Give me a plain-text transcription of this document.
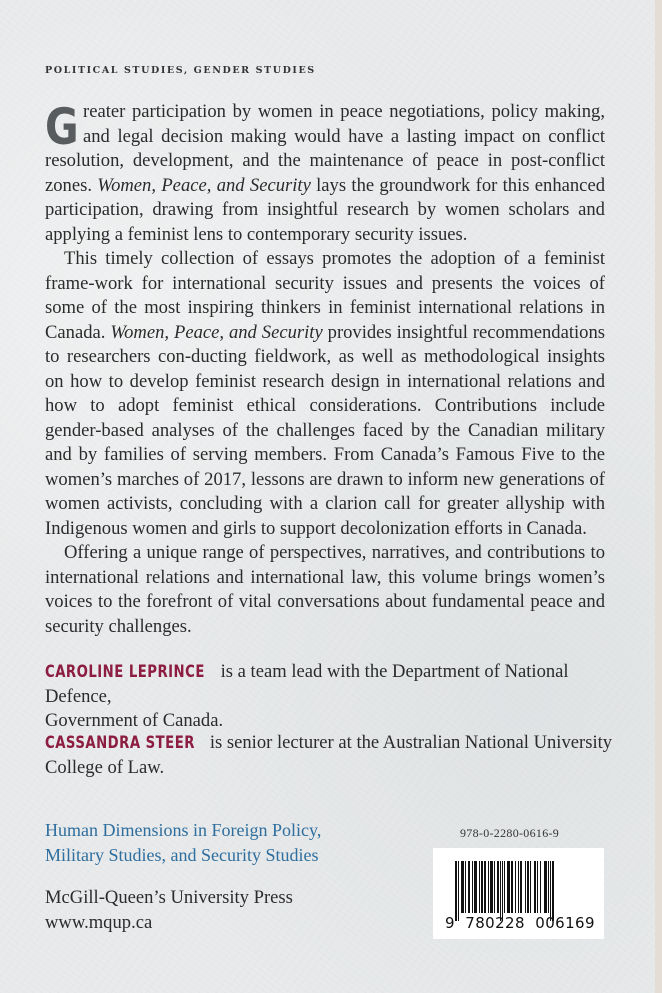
POLITICAL STUDIES, GENDER STUDIES

G reater participation by women in peace negotiations, policy making, and legal decision making would have a lasting impact on conflict resolution, development, and the maintenance of peace in post-conflict zones. Women, Peace, and Security lays the groundwork for this enhanced participation, drawing from insightful research by women scholars and applying a feminist lens to contemporary security issues.

This timely collection of essays promotes the adoption of a feminist frame-work for international security issues and presents the voices of some of the most inspiring thinkers in feminist international relations in Canada. Women, Peace, and Security provides insightful recommendations to researchers con-ducting fieldwork, as well as methodological insights on how to develop feminist research design in international relations and how to adopt feminist ethical considerations. Contributions include gender-based analyses of the challenges faced by the Canadian military and by families of serving members. From Canada’s Famous Five to the women’s marches of 2017, lessons are drawn to inform new generations of women activists, concluding with a clarion call for greater allyship with Indigenous women and girls to support decolonization efforts in Canada.

Offering a unique range of perspectives, narratives, and contributions to international relations and international law, this volume brings women’s voices to the forefront of vital conversations about fundamental peace and security challenges.

CAROLINE LEPRINCE is a team lead with the Department of National Defence,
Government of Canada.
CASSANDRA STEER is senior lecturer at the Australian National University
College of Law.
Human Dimensions in Foreign Policy,
Military Studies, and Security Studies
McGill-Queen’s University Press
www.mqup.ca
978-0-2280-0616-9
9  780228  006169
